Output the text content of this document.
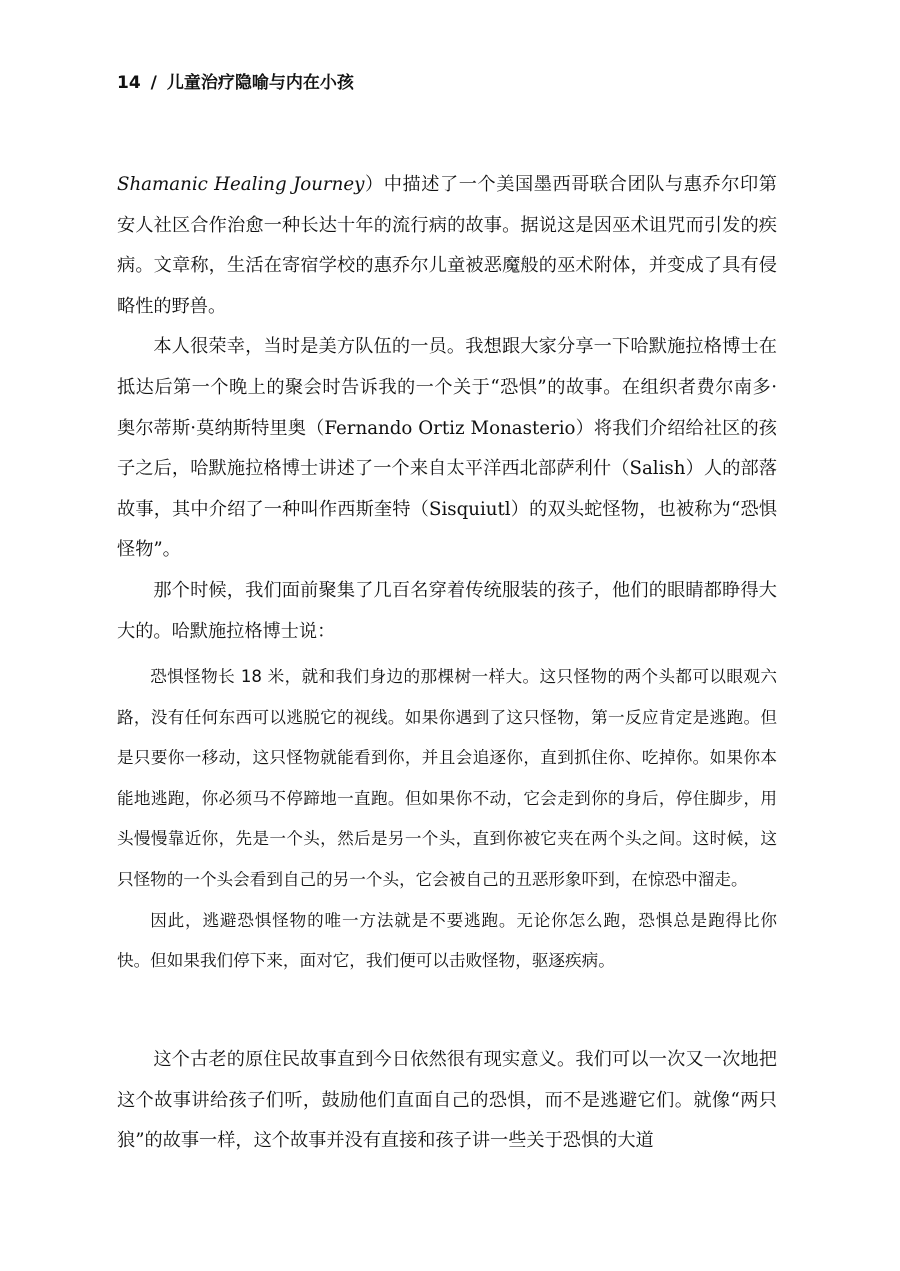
14 / 儿童治疗隐喻与内在小孩

Shamanic Healing Journey）中描述了一个美国墨西哥联合团队与惠乔尔印第安人社区合作治愈一种长达十年的流行病的故事。据说这是因巫术诅咒而引发的疾病。文章称，生活在寄宿学校的惠乔尔儿童被恶魔般的巫术附体，并变成了具有侵略性的野兽。

本人很荣幸，当时是美方队伍的一员。我想跟大家分享一下哈默施拉格博士在抵达后第一个晚上的聚会时告诉我的一个关于“恐惧”的故事。在组织者费尔南多·奥尔蒂斯·莫纳斯特里奥（Fernando Ortiz Monasterio）将我们介绍给社区的孩子之后，哈默施拉格博士讲述了一个来自太平洋西北部萨利什（Salish）人的部落故事，其中介绍了一种叫作西斯奎特（Sisquiutl）的双头蛇怪物，也被称为“恐惧怪物”。

那个时候，我们面前聚集了几百名穿着传统服装的孩子，他们的眼睛都睁得大大的。哈默施拉格博士说：

恐惧怪物长 18 米，就和我们身边的那棵树一样大。这只怪物的两个头都可以眼观六路，没有任何东西可以逃脱它的视线。如果你遇到了这只怪物，第一反应肯定是逃跑。但是只要你一移动，这只怪物就能看到你，并且会追逐你，直到抓住你、吃掉你。如果你本能地逃跑，你必须马不停蹄地一直跑。但如果你不动，它会走到你的身后，停住脚步，用头慢慢靠近你，先是一个头，然后是另一个头，直到你被它夹在两个头之间。这时候，这只怪物的一个头会看到自己的另一个头，它会被自己的丑恶形象吓到，在惊恐中溜走。

因此，逃避恐惧怪物的唯一方法就是不要逃跑。无论你怎么跑，恐惧总是跑得比你快。但如果我们停下来，面对它，我们便可以击败怪物，驱逐疾病。

这个古老的原住民故事直到今日依然很有现实意义。我们可以一次又一次地把这个故事讲给孩子们听，鼓励他们直面自己的恐惧，而不是逃避它们。就像“两只狼”的故事一样，这个故事并没有直接和孩子讲一些关于恐惧的大道
